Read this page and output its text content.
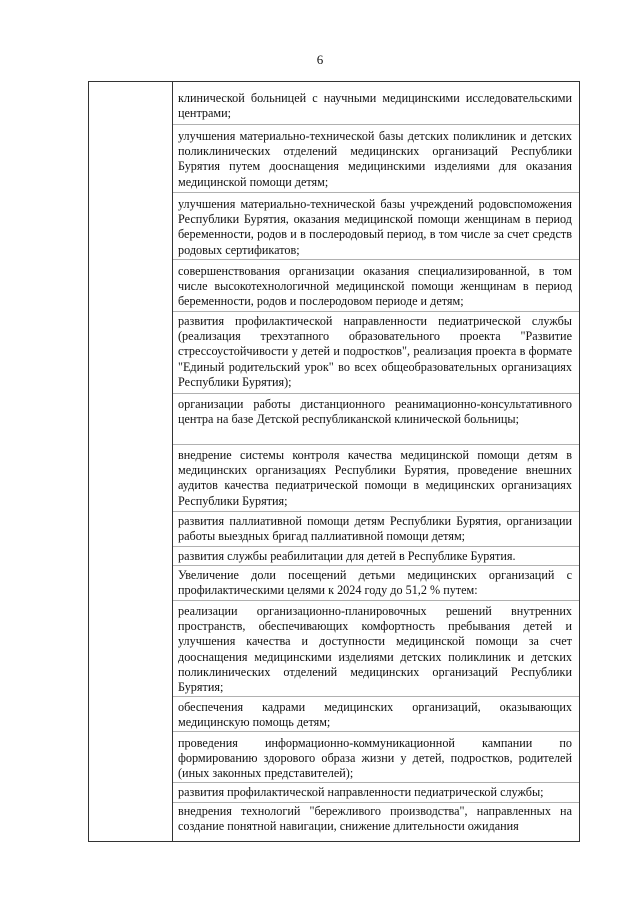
6
клинической больницей с научными медицинскими исследовательскими центрами;
улучшения материально-технической базы детских поликлиник и детских поликлинических отделений медицинских организаций Республики Бурятия путем дооснащения медицинскими изделиями для оказания медицинской помощи детям;
улучшения материально-технической базы учреждений родовспоможения Республики Бурятия, оказания медицинской помощи женщинам в период беременности, родов и в послеродовый период, в том числе за счет средств родовых сертификатов;
совершенствования организации оказания специализированной, в том числе высокотехнологичной медицинской помощи женщинам в период беременности, родов и послеродовом периоде и детям;
развития профилактической направленности педиатрической службы (реализация трехэтапного образовательного проекта "Развитие стрессоустойчивости у детей и подростков", реализация проекта в формате "Единый родительский урок" во всех общеобразовательных организациях Республики Бурятия);
организации работы дистанционного реанимационно-консультативного центра на базе Детской республиканской клинической больницы;
внедрение системы контроля качества медицинской помощи детям в медицинских организациях Республики Бурятия, проведение внешних аудитов качества педиатрической помощи в медицинских организациях Республики Бурятия;
развития паллиативной помощи детям Республики Бурятия, организации работы выездных бригад паллиативной помощи детям;
развития службы реабилитации для детей в Республике Бурятия.
Увеличение доли посещений детьми медицинских организаций с профилактическими целями к 2024 году до 51,2 % путем:
реализации организационно-планировочных решений внутренних пространств, обеспечивающих комфортность пребывания детей и улучшения качества и доступности медицинской помощи за счет дооснащения медицинскими изделиями детских поликлиник и детских поликлинических отделений медицинских организаций Республики Бурятия;
обеспечения кадрами медицинских организаций, оказывающих медицинскую помощь детям;
проведения информационно-коммуникационной кампании по формированию здорового образа жизни у детей, подростков, родителей (иных законных представителей);
развития профилактической направленности педиатрической службы;
внедрения технологий "бережливого производства", направленных на создание понятной навигации, снижение длительности ожидания
